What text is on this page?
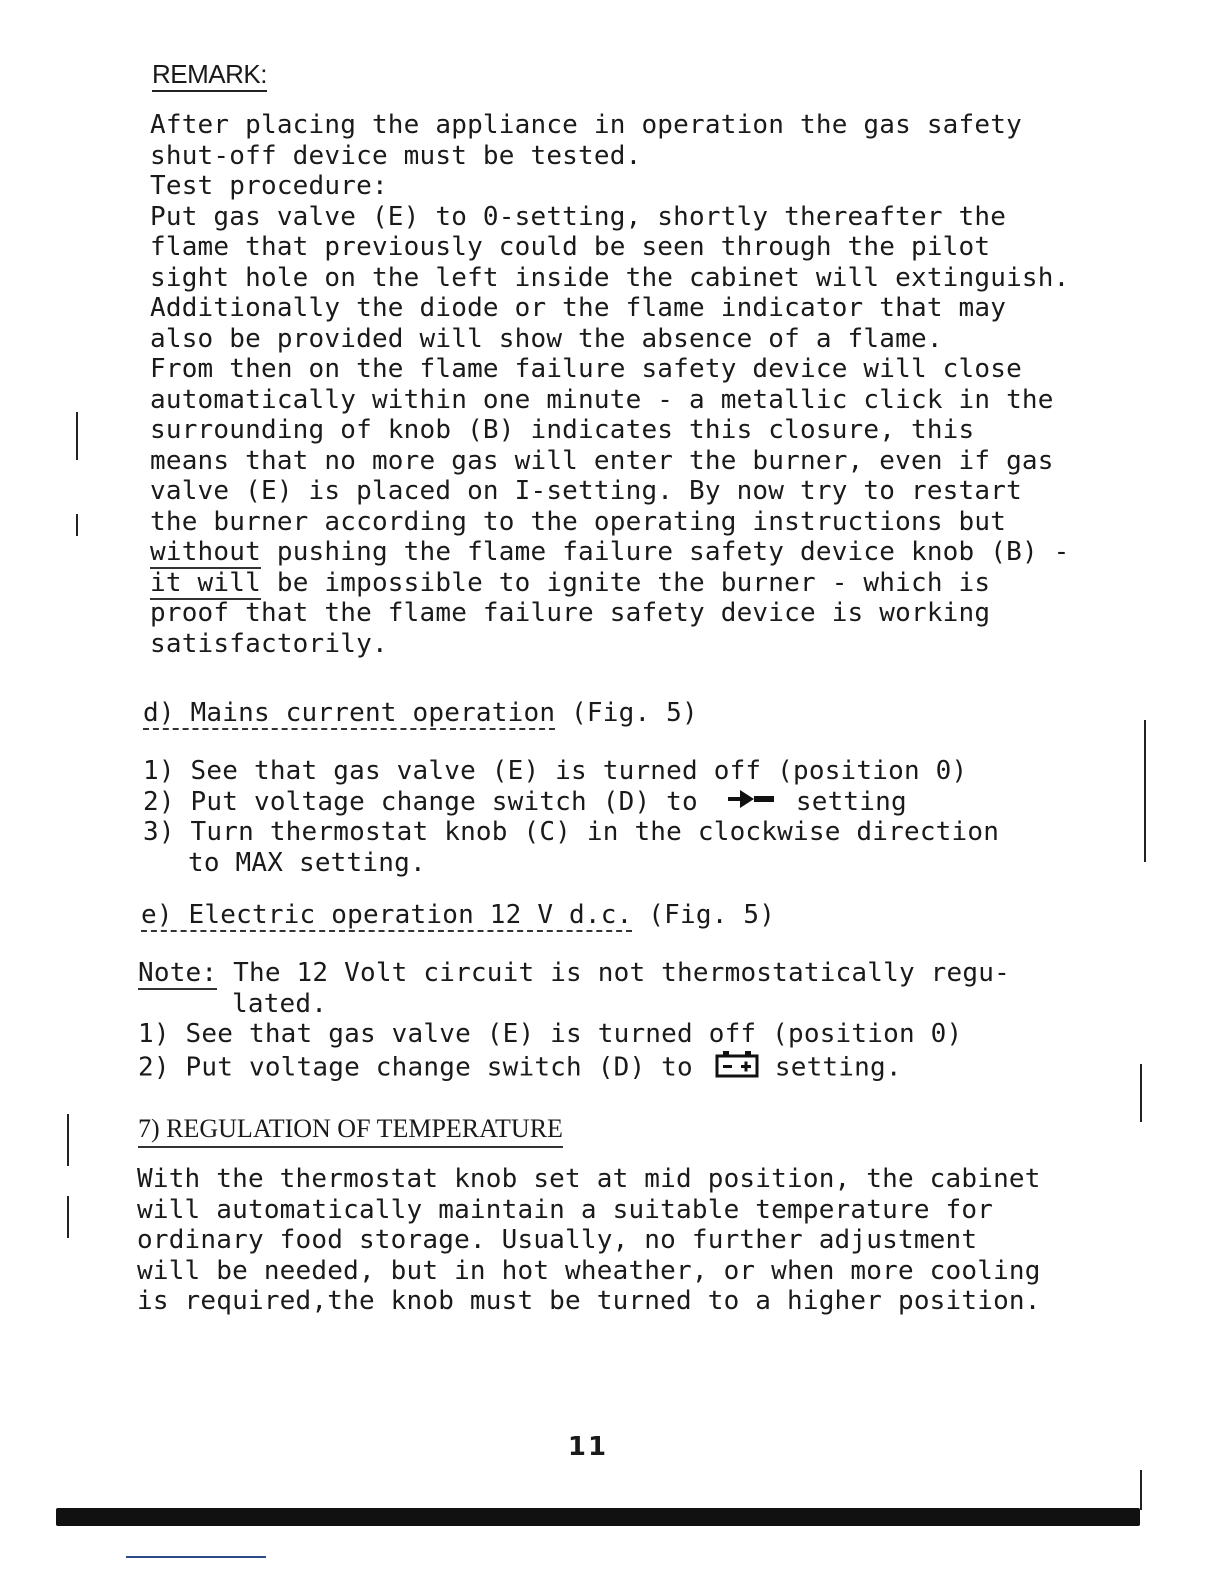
REMARK:
After placing the appliance in operation the gas safety
shut-off device must be tested.
Test procedure:
Put gas valve (E) to 0-setting, shortly thereafter the
flame that previously could be seen through the pilot
sight hole on the left inside the cabinet will extinguish.
Additionally the diode or the flame indicator that may
also be provided will show the absence of a flame.
From then on the flame failure safety device will close
automatically within one minute - a metallic click in the
surrounding of knob (B) indicates this closure, this
means that no more gas will enter the burner, even if gas
valve (E) is placed on I-setting. By now try to restart
the burner according to the operating instructions but
without pushing the flame failure safety device knob (B) -
it will be impossible to ignite the burner - which is
proof that the flame failure safety device is working
satisfactorily.
d) Mains current operation (Fig. 5)
1) See that gas valve (E) is turned off (position 0)
2) Put voltage change switch (D) to	setting
3) Turn thermostat knob (C) in the clockwise direction
to MAX setting.
e) Electric operation 12 V d.c. (Fig. 5)
Note: The 12 Volt circuit is not thermostatically regu-
lated.
1) See that gas valve (E) is turned off (position 0)
2) Put voltage change switch (D) to	setting.
7) REGULATION OF TEMPERATURE
With the thermostat knob set at mid position, the cabinet
will automatically maintain a suitable temperature for
ordinary food storage. Usually, no further adjustment
will be needed, but in hot wheather, or when more cooling
is required,the knob must be turned to a higher position.
11
